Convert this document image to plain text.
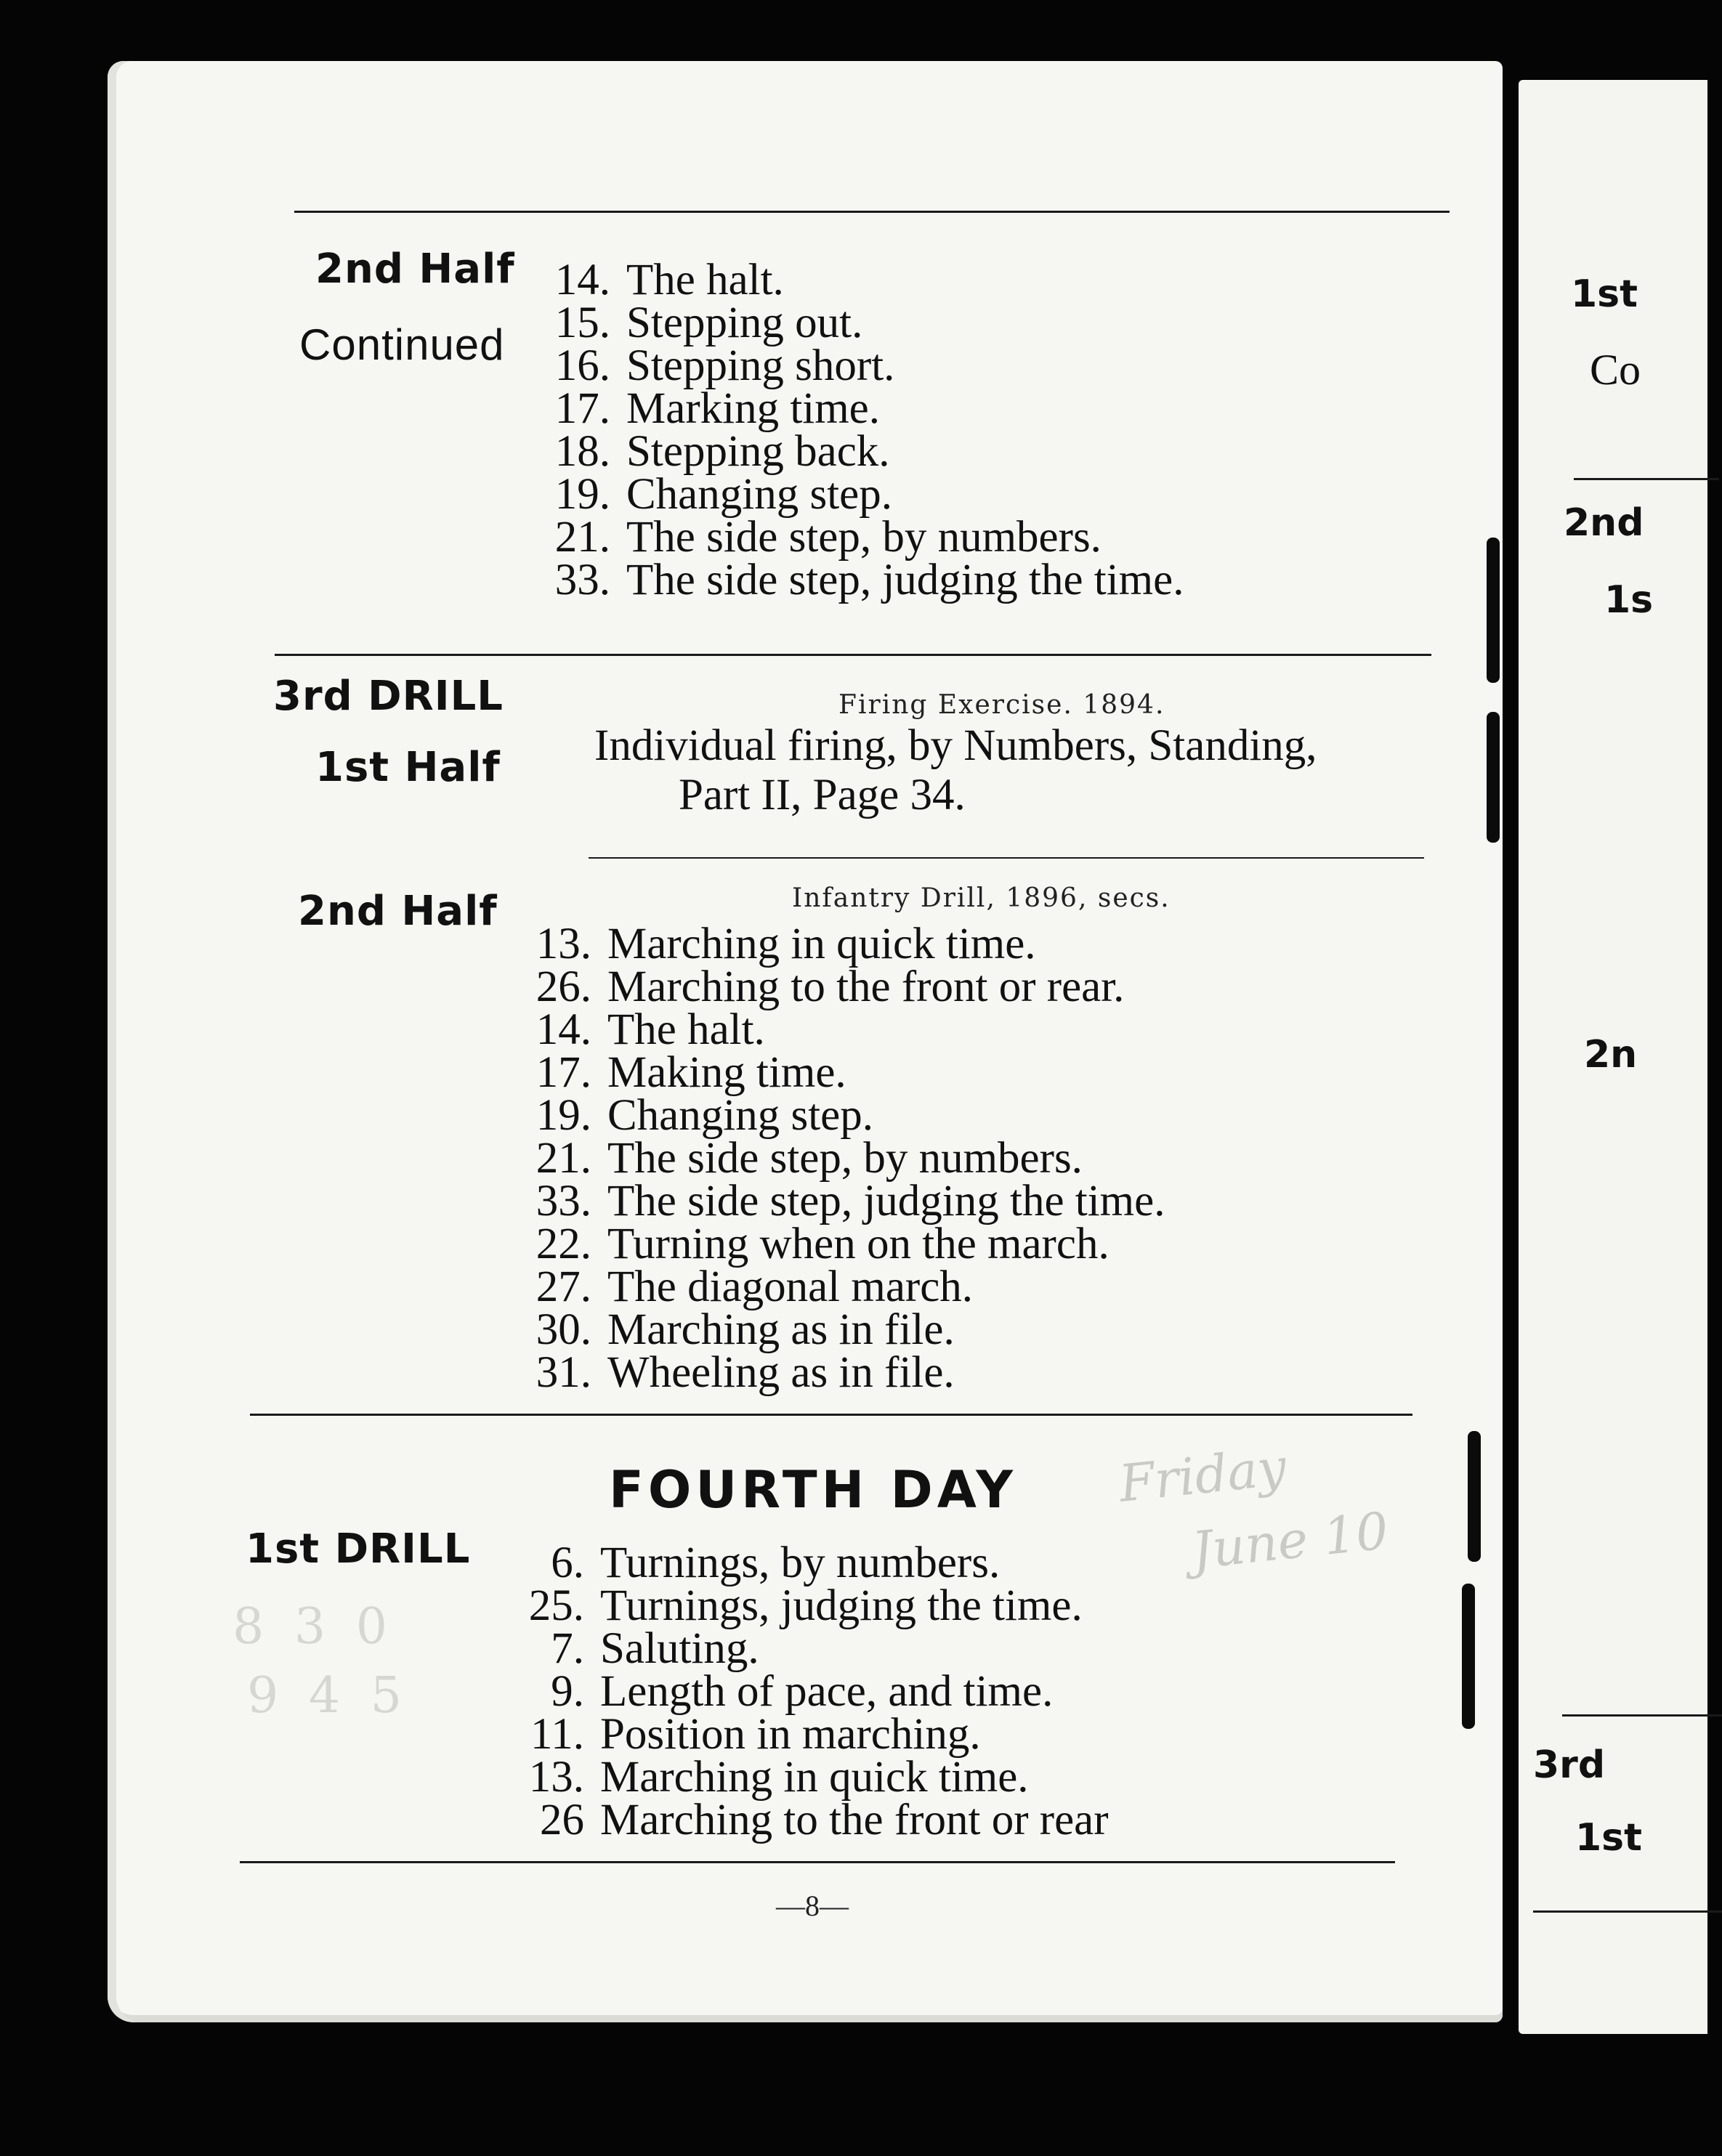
1st
Co
2nd
1s
2n
3rd
1st
2nd Half
Continued
14. The halt.
15. Stepping out.
16. Stepping short.
17. Marking time.
18. Stepping back.
19. Changing step.
21. The side step, by numbers.
33. The side step, judging the time.
3rd DRILL
1st Half
Firing Exercise. 1894.
Individual firing, by Numbers, Standing,
Part II, Page 34.
2nd Half	Infantry Drill, 1896, secs.
13. Marching in quick time.
26. Marching to the front or rear.
14. The halt.
17. Making time.
19. Changing step.
21. The side step, by numbers.
33. The side step, judging the time.
22. Turning when on the march.
27. The diagonal march.
30. Marching as in file.
31. Wheeling as in file.
FOURTH DAY Friday
June 10
1st DRILL
8 3 0
9 4 5
6. Turnings, by numbers.
25. Turnings, judging the time.
7. Saluting.
9. Length of pace, and time.
11. Position in marching.
13. Marching in quick time.
26 Marching to the front or rear
—8—
